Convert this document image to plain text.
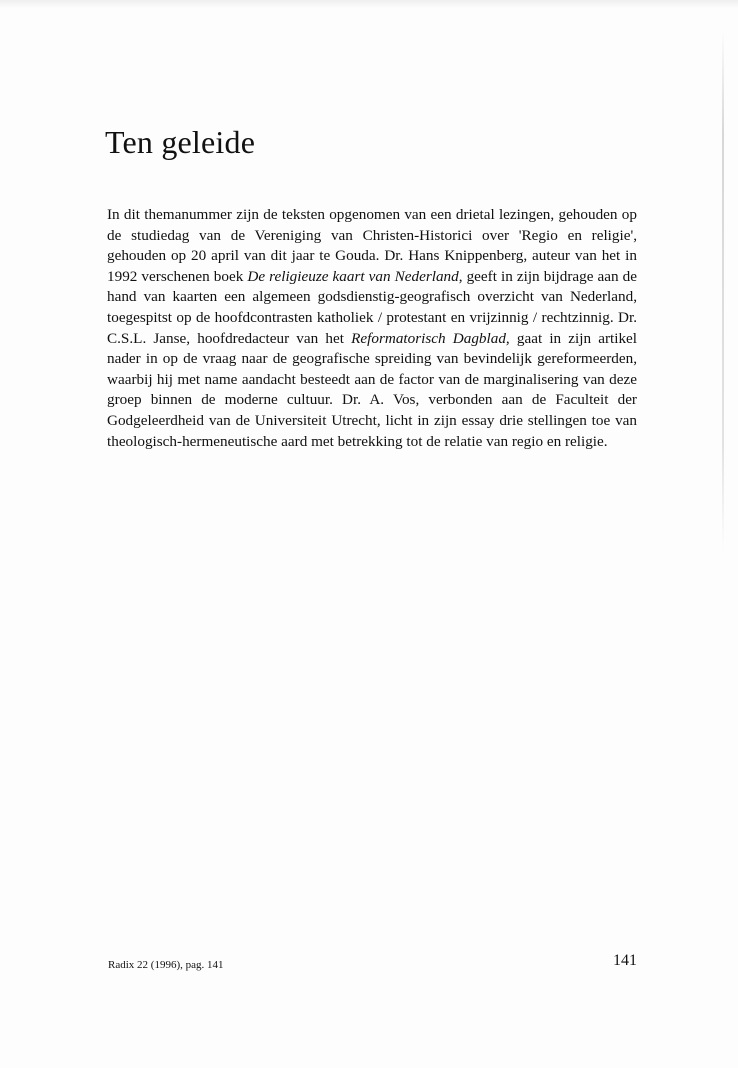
Ten geleide

In dit themanummer zijn de teksten opgenomen van een drietal lezingen, gehouden op de studiedag van de Vereniging van Christen-Historici over 'Regio en religie', gehouden op 20 april van dit jaar te Gouda. Dr. Hans Knippenberg, auteur van het in 1992 verschenen boek De religieuze kaart van Nederland, geeft in zijn bijdrage aan de hand van kaarten een algemeen godsdienstig-geografisch overzicht van Nederland, toegespitst op de hoofdcontrasten katholiek / protestant en vrijzinnig / rechtzinnig. Dr. C.S.L. Janse, hoofdredacteur van het Reformatorisch Dagblad, gaat in zijn artikel nader in op de vraag naar de geografische spreiding van bevindelijk gereformeerden, waarbij hij met name aandacht besteedt aan de factor van de marginalisering van deze groep binnen de moderne cultuur. Dr. A. Vos, verbonden aan de Faculteit der Godgeleerdheid van de Universiteit Utrecht, licht in zijn essay drie stellingen toe van theologisch-hermeneutische aard met betrekking tot de relatie van regio en religie.

Radix 22 (1996), pag. 141	141
